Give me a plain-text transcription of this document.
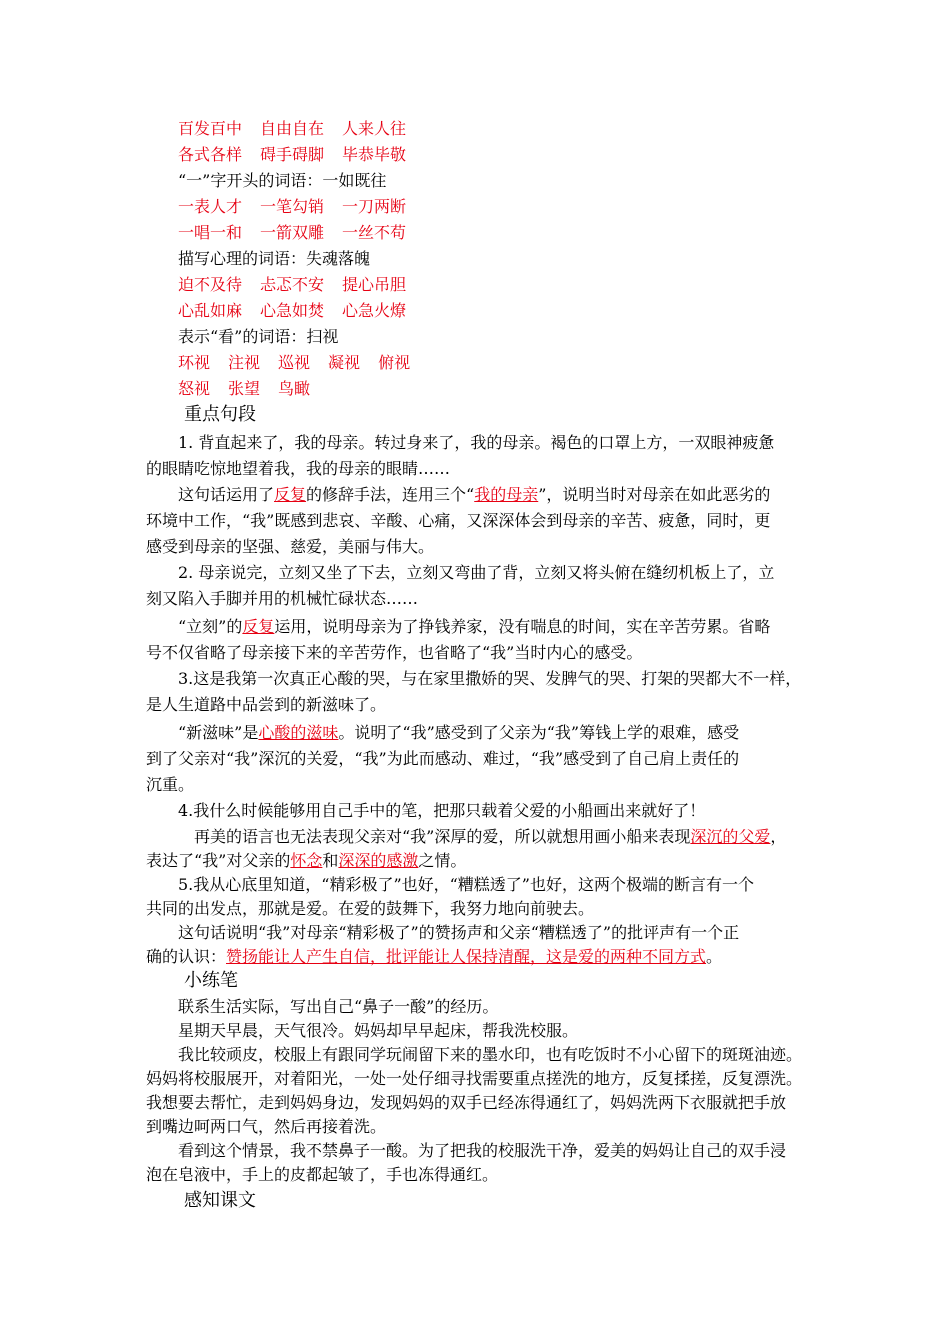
百发百中 自由自在 人来人往
各式各样 碍手碍脚 毕恭毕敬
“一”字开头的词语：一如既往
一表人才 一笔勾销 一刀两断
一唱一和 一箭双雕 一丝不苟
描写心理的词语：失魂落魄
迫不及待 忐忑不安 提心吊胆
心乱如麻 心急如焚 心急火燎
表示“看”的词语：扫视
环视 注视 巡视 凝视 俯视
怒视 张望 鸟瞰
重点句段
1. 背直起来了，我的母亲。转过身来了，我的母亲。褐色的口罩上方，一双眼神疲惫
的眼睛吃惊地望着我，我的母亲的眼睛……
这句话运用了反复的修辞手法，连用三个“我的母亲”，说明当时对母亲在如此恶劣的
环境中工作，“我”既感到悲哀、辛酸、心痛，又深深体会到母亲的辛苦、疲惫，同时，更
感受到母亲的坚强、慈爱，美丽与伟大。
2. 母亲说完，立刻又坐了下去，立刻又弯曲了背，立刻又将头俯在缝纫机板上了，立
刻又陷入手脚并用的机械忙碌状态……
“立刻”的反复运用，说明母亲为了挣钱养家，没有喘息的时间，实在辛苦劳累。省略
号不仅省略了母亲接下来的辛苦劳作，也省略了“我”当时内心的感受。
3.这是我第一次真正心酸的哭，与在家里撒娇的哭、发脾气的哭、打架的哭都大不一样，
是人生道路中品尝到的新滋味了。
“新滋味”是心酸的滋味。说明了“我”感受到了父亲为“我”筹钱上学的艰难，感受
到了父亲对“我”深沉的关爱，“我”为此而感动、难过，“我”感受到了自己肩上责任的
沉重。
4.我什么时候能够用自己手中的笔，把那只载着父爱的小船画出来就好了！
再美的语言也无法表现父亲对“我”深厚的爱，所以就想用画小船来表现深沉的父爱，
表达了“我”对父亲的怀念和深深的感激之情。
5.我从心底里知道，“精彩极了”也好，“糟糕透了”也好，这两个极端的断言有一个
共同的出发点，那就是爱。在爱的鼓舞下，我努力地向前驶去。
这句话说明“我”对母亲“精彩极了”的赞扬声和父亲“糟糕透了”的批评声有一个正
确的认识：赞扬能让人产生自信，批评能让人保持清醒，这是爱的两种不同方式。
小练笔
联系生活实际，写出自己“鼻子一酸”的经历。
星期天早晨，天气很冷。妈妈却早早起床，帮我洗校服。
我比较顽皮，校服上有跟同学玩闹留下来的墨水印，也有吃饭时不小心留下的斑斑油迹。
妈妈将校服展开，对着阳光，一处一处仔细寻找需要重点搓洗的地方，反复揉搓，反复漂洗。
我想要去帮忙，走到妈妈身边，发现妈妈的双手已经冻得通红了，妈妈洗两下衣服就把手放
到嘴边呵两口气，然后再接着洗。
看到这个情景，我不禁鼻子一酸。为了把我的校服洗干净，爱美的妈妈让自己的双手浸
泡在皂液中，手上的皮都起皱了，手也冻得通红。
感知课文
